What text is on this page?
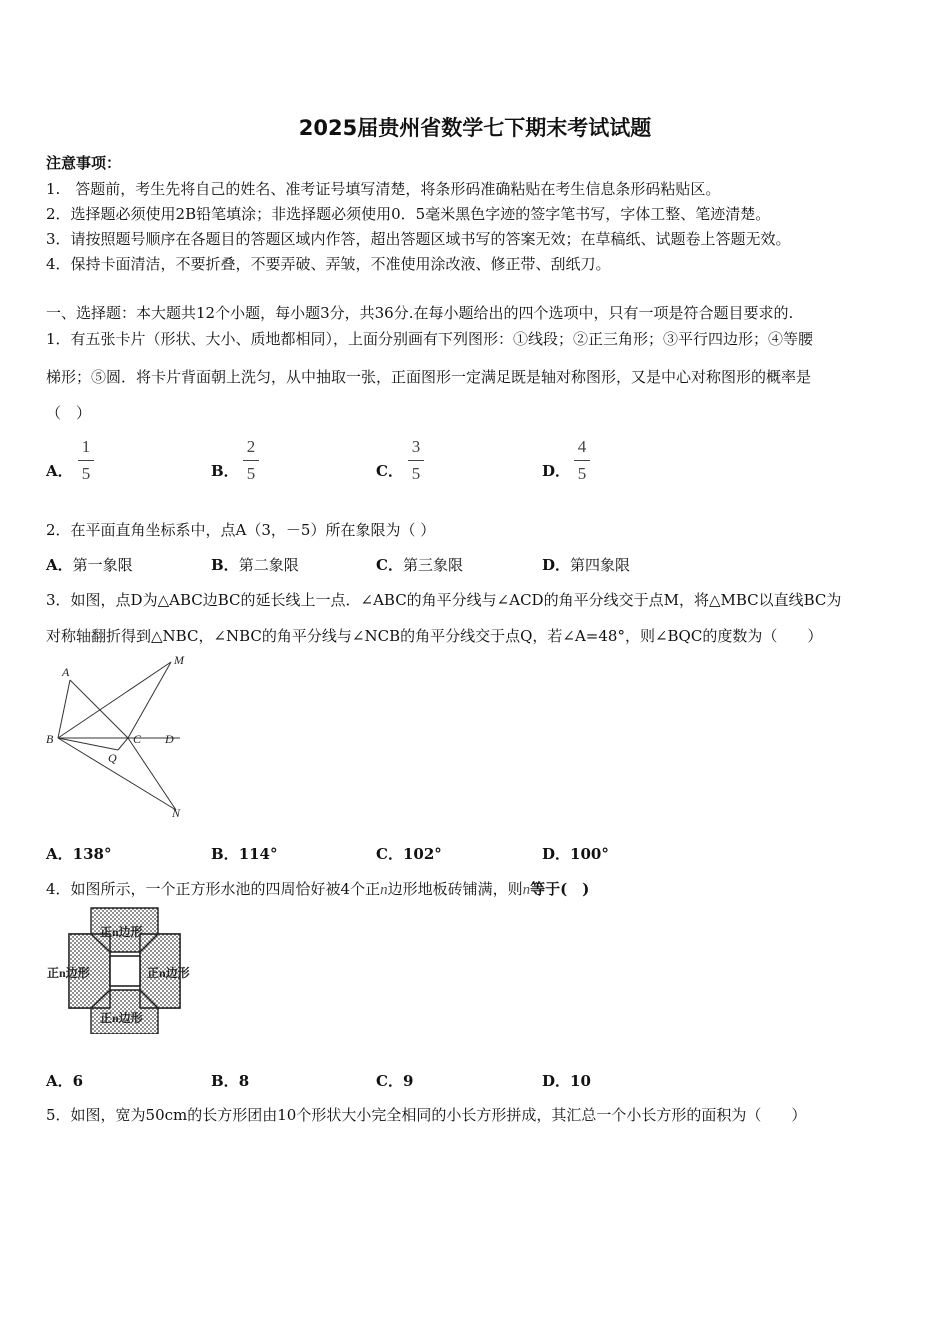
2025届贵州省数学七下期末考试试题
注意事项：
1.　答题前，考生先将自己的姓名、准考证号填写清楚，将条形码准确粘贴在考生信息条形码粘贴区。
2．选择题必须使用2B铅笔填涂；非选择题必须使用0．5毫米黑色字迹的签字笔书写，字体工整、笔迹清楚。
3．请按照题号顺序在各题目的答题区域内作答，超出答题区域书写的答案无效；在草稿纸、试题卷上答题无效。
4．保持卡面清洁，不要折叠，不要弄破、弄皱，不准使用涂改液、修正带、刮纸刀。
一、选择题：本大题共12个小题，每小题3分，共36分.在每小题给出的四个选项中，只有一项是符合题目要求的.
1．有五张卡片（形状、大小、质地都相同），上面分别画有下列图形：①线段；②正三角形；③平行四边形；④等腰
梯形；⑤圆．将卡片背面朝上洗匀，从中抽取一张，正面图形一定满足既是轴对称图形，又是中心对称图形的概率是
（　）
A．
1
5	B．
2
5	C．
3
5	D．
4
5
2．在平面直角坐标系中，点A（3，－5）所在象限为（ ）
A．第一象限	B．第二象限	C．第三象限	D．第四象限
3．如图，点D为△ABC边BC的延长线上一点．∠ABC的角平分线与∠ACD的角平分线交于点M，将△MBC以直线BC为
对称轴翻折得到△NBC，∠NBC的角平分线与∠NCB的角平分线交于点Q，若∠A=48°，则∠BQC的度数为（　　）
A
M
B	C D
Q
N
A．138°	B．114°	C．102°	D．100°
4．如图所示，一个正方形水池的四周恰好被4个正n边形地板砖铺满，则n等于(　)
正n边形
正n边形	正n边形
正n边形
A．6	B．8	C．9	D．10
5．如图，宽为50cm的长方形团由10个形状大小完全相同的小长方形拼成，其汇总一个小长方形的面积为（　　）
